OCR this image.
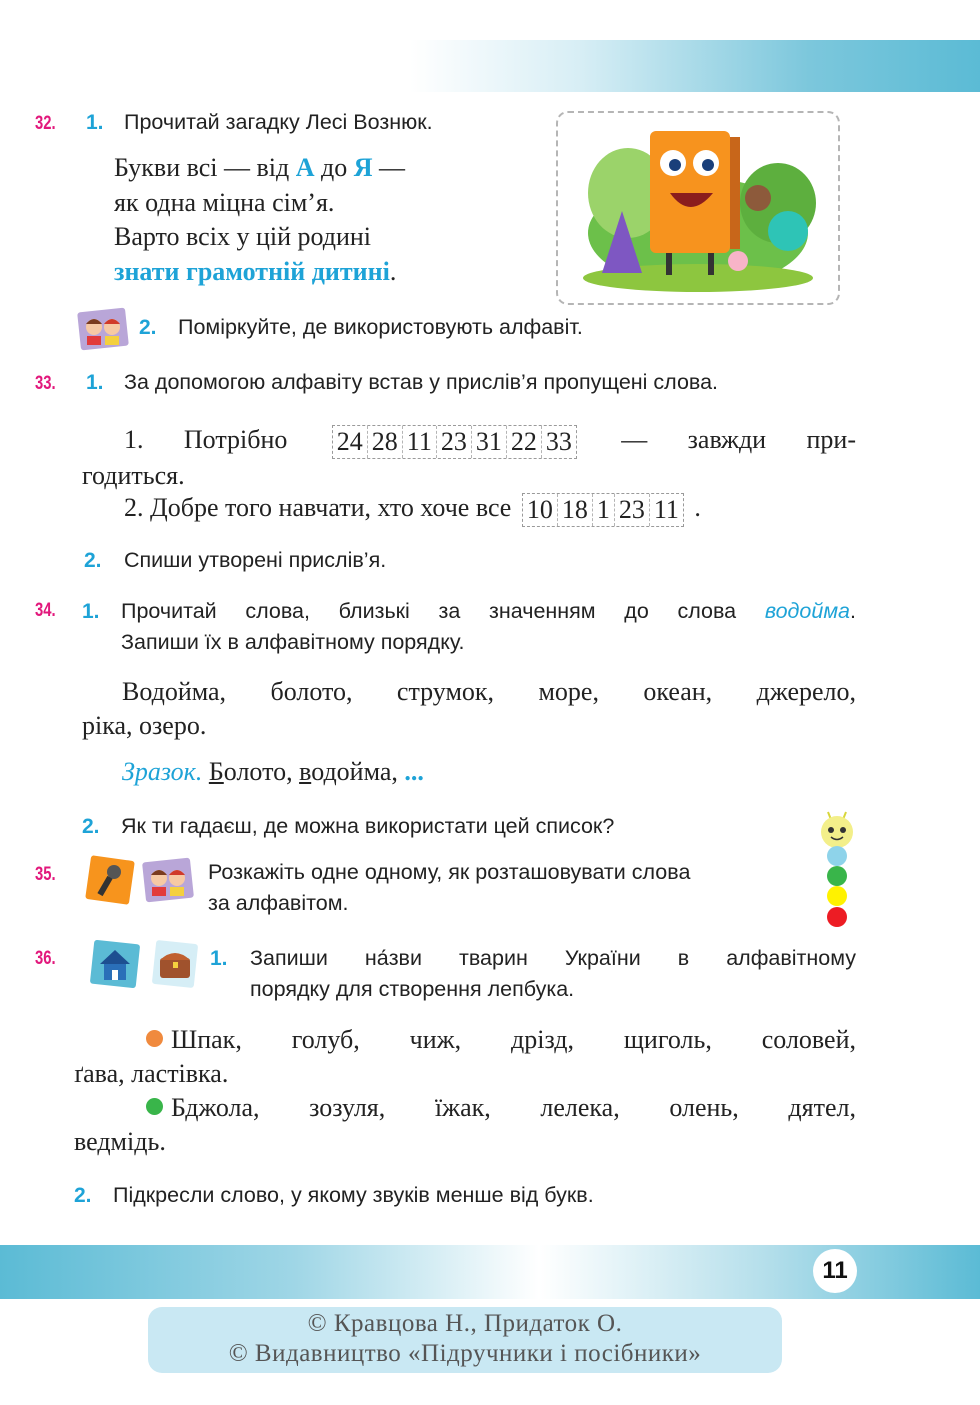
32. 1. Прочитай загадку Лесі Вознюк.
Букви всі — від А до Я —
як одна міцна сім’я.
Варто всіх у цій родині
знати грамотній дитині.
2. Поміркуйте, де використовують алфавіт.
33. 1. За допомогою алфавіту встав у прислів’я пропущені слова.
1. Потрібно 24 28 11 23 31 22 33 — завжди при-
годиться.
2. Добре того навчати, хто хоче все 10 18 1 23 11 .
2. Спиши утворені прислів’я.
34. 1. Прочитай слова, близькі за значенням до слова водойма.
Запиши їх в алфавітному порядку.
Водойма, болото, струмок, море, океан, джерело,
ріка, озеро.
Зразок. Болото, водойма, ...
2. Як ти гадаєш, де можна використати цей список?
35.	Розкажіть одне одному, як розташовувати слова
за алфавітом.
36.	1. Запиши на́зви тварин України в алфавітному
порядку для створення лепбука.
Шпак, голуб, чиж, дрізд, щиголь, соловей,
ґава, ластівка.
Бджола, зозуля, їжак, лелека, олень, дятел,
ведмідь.
2. Підкресли слово, у якому звуків менше від букв.
11
© Кравцова Н., Придаток О.
© Видавництво «Підручники і посібники»
